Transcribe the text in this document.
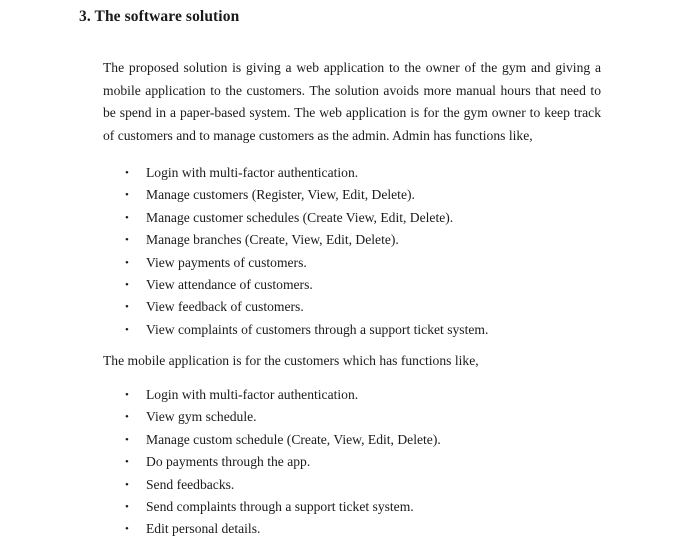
3. The software solution

The proposed solution is giving a web application to the owner of the gym and giving a mobile application to the customers. The solution avoids more manual hours that need to be spend in a paper-based system. The web application is for the gym owner to keep track of customers and to manage customers as the admin. Admin has functions like,

• Login with multi-factor authentication.
• Manage customers (Register, View, Edit, Delete).
• Manage customer schedules (Create View, Edit, Delete).
• Manage branches (Create, View, Edit, Delete).
• View payments of customers.
• View attendance of customers.
• View feedback of customers.
• View complaints of customers through a support ticket system.

The mobile application is for the customers which has functions like,

• Login with multi-factor authentication.
• View gym schedule.
• Manage custom schedule (Create, View, Edit, Delete).
• Do payments through the app.
• Send feedbacks.
• Send complaints through a support ticket system.
• Edit personal details.
